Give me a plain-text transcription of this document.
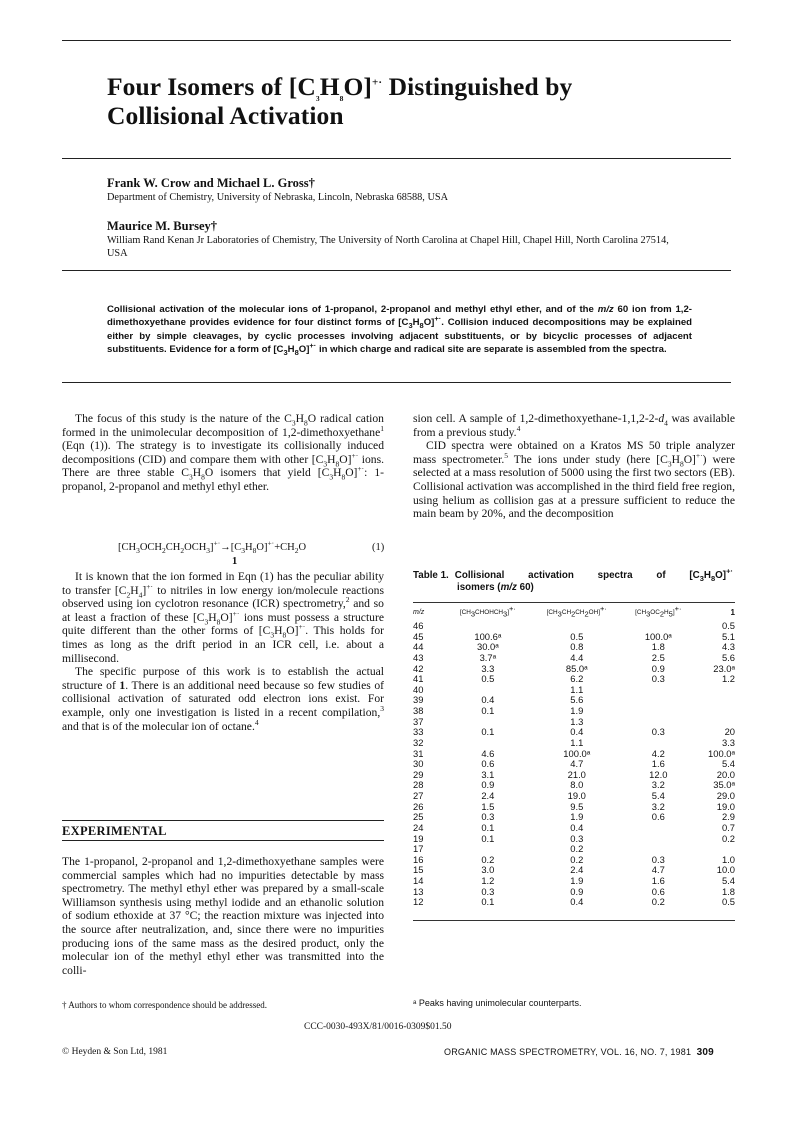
Four Isomers of $[C_3H_8O]^{+\cdot}$ Distinguished by
Collisional Activation
Frank W. Crow and Michael L. Gross†
Department of Chemistry, University of Nebraska, Lincoln, Nebraska 68588, USA
Maurice M. Bursey†
William Rand Kenan Jr Laboratories of Chemistry, The University of North Carolina at Chapel Hill, Chapel Hill, North Carolina 27514, USA
Collisional activation of the molecular ions of 1-propanol, 2-propanol and methyl ethyl ether, and of the m/z 60 ion from 1,2-dimethoxyethane provides evidence for four distinct forms of $[C_3H_8O]^{+\cdot}$. Collision induced decompositions may be explained either by simple cleavages, by cyclic processes involving adjacent substituents, or by bicyclic processes of adjacent substituents. Evidence for a form of $[C_3H_8O]^{+\cdot}$ in which charge and radical site are separate is assembled from the spectra.

The focus of this study is the nature of the $C_3H_8O$ radical cation formed in the unimolecular decomposition of 1,2-dimethoxyethane$^1$ (Eqn (1)). The strategy is to investigate its collisionally induced decompositions (CID) and compare them with other $[C_3H_8O]^{+\cdot}$ ions. There are three stable $C_3H_8O$ isomers that yield $[C_3H_8O]^{+\cdot}$: 1-propanol, 2-propanol and methyl ethyl ether.

$[CH_3OCH_2CH_2OCH_3]^{+\cdot}\to[C_3H_8O]^{+\cdot}+CH_2O$	(1)
1

It is known that the ion formed in Eqn (1) has the peculiar ability to transfer $[C_2H_4]^{+\cdot}$ to nitriles in low energy ion/molecule reactions observed using ion cyclotron resonance (ICR) spectrometry,$^2$ and so at least a fraction of these $[C_3H_8O]^{+\cdot}$ ions must possess a structure quite different than the other forms of $[C_3H_8O]^{+\cdot}$. This holds for times as long as the drift period in an ICR cell, i.e. about a millisecond.

The specific purpose of this work is to establish the actual structure of 1. There is an additional need because so few studies of collisional activation of saturated odd electron ions exist. For example, only one investigation is listed in a recent compilation,$^3$ and that is of the molecular ion of octane.$^4$

EXPERIMENTAL

The 1-propanol, 2-propanol and 1,2-dimethoxyethane samples were commercial samples which had no impurities detectable by mass spectrometry. The methyl ethyl ether was prepared by a small-scale Williamson synthesis using methyl iodide and an ethanolic solution of sodium ethoxide at 37 °C; the reaction mixture was injected into the source after neutralization, and, since there were no impurities producing ions of the same mass as the desired product, only the molecular ion of the methyl ethyl ether was transmitted into the colli-

sion cell. A sample of $1,2-dimethoxyethane-1,1,2-2-d_4$ was available from a previous study.$^4$

CID spectra were obtained on a Kratos MS 50 triple analyzer mass spectrometer.$^5$ The ions under study (here $[C_3H_8O]^{+\cdot}$) were selected at a mass resolution of 5000 using the first two sectors (EB). Collisional activation was accomplished in the third field free region, using helium as collision gas at a pressure sufficient to reduce the main beam by 20%, and the decomposition

Table 1. Collisional activation spectra of $[C_3H_8O]^{+\cdot}$
isomers (m/z 60)
m/z	$[CH_3CHOHCH_3]^{+\cdot}$	$[CH_3CH_2CH_2OH]^{+\cdot}$	$[CH_3OC_2H_5]^{+\cdot}$	1
46				0.5
45	100.6ᵃ	0.5	100.0ᵃ	5.1
44	30.0ᵃ	0.8	1.8	4.3
43	3.7ᵃ	4.4	2.5	5.6
42	3.3	85.0ᵃ	0.9	23.0ᵃ
41	0.5	6.2	0.3	1.2
40		1.1		
39	0.4	5.6		
38	0.1	1.9		
37		1.3		
33	0.1	0.4	0.3	20
32		1.1		3.3
31	4.6	100.0ᵃ	4.2	100.0ᵃ
30	0.6	4.7	1.6	5.4
29	3.1	21.0	12.0	20.0
28	0.9	8.0	3.2	35.0ᵃ
27	2.4	19.0	5.4	29.0
26	1.5	9.5	3.2	19.0
25	0.3	1.9	0.6	2.9
24	0.1	0.4		0.7
19	0.1	0.3		0.2
17		0.2		
16	0.2	0.2	0.3	1.0
15	3.0	2.4	4.7	10.0
14	1.2	1.9	1.6	5.4
13	0.3	0.9	0.6	1.8
12	0.1	0.4	0.2	0.5
† Authors to whom correspondence should be addressed.	ᵃ Peaks having unimolecular counterparts.
CCC-0030-493X/81/0016-0309$01.50
© Heyden & Son Ltd, 1981	ORGANIC MASS SPECTROMETRY, VOL. 16, NO. 7, 1981 309
